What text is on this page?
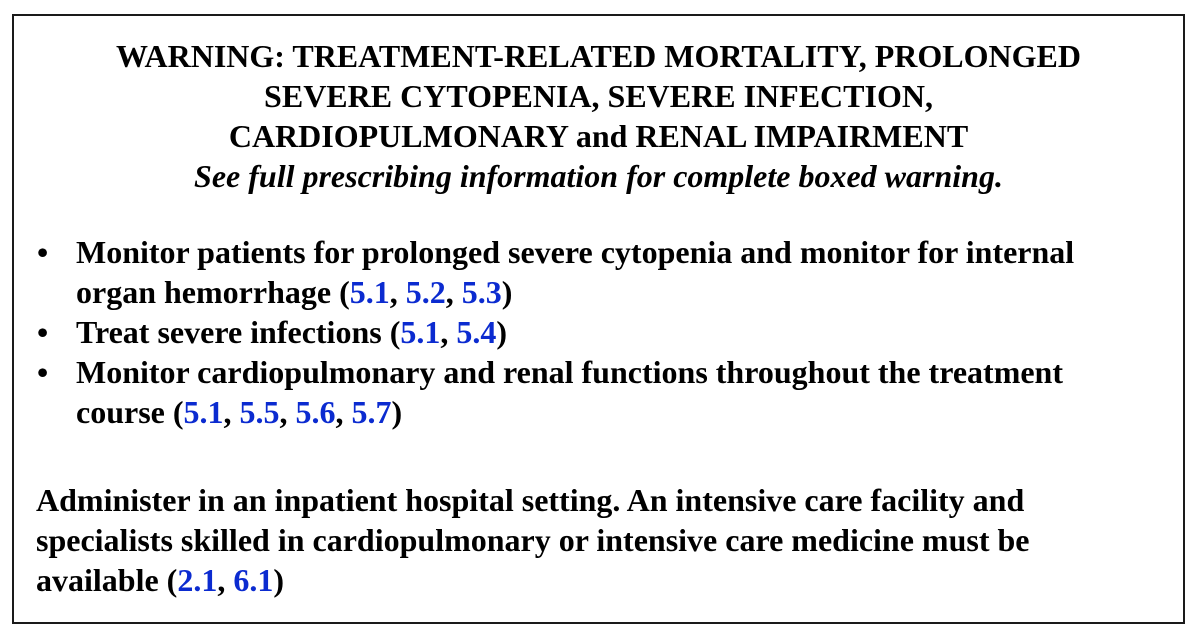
WARNING: TREATMENT-RELATED MORTALITY, PROLONGED
SEVERE CYTOPENIA, SEVERE INFECTION,
CARDIOPULMONARY and RENAL IMPAIRMENT
See full prescribing information for complete boxed warning.
• Monitor patients for prolonged severe cytopenia and monitor for internal organ hemorrhage (5.1, 5.2, 5.3)
• Treat severe infections (5.1, 5.4)
• Monitor cardiopulmonary and renal functions throughout the treatment course (5.1, 5.5, 5.6, 5.7)

Administer in an inpatient hospital setting. An intensive care facility and specialists skilled in cardiopulmonary or intensive care medicine must be available (2.1, 6.1)
